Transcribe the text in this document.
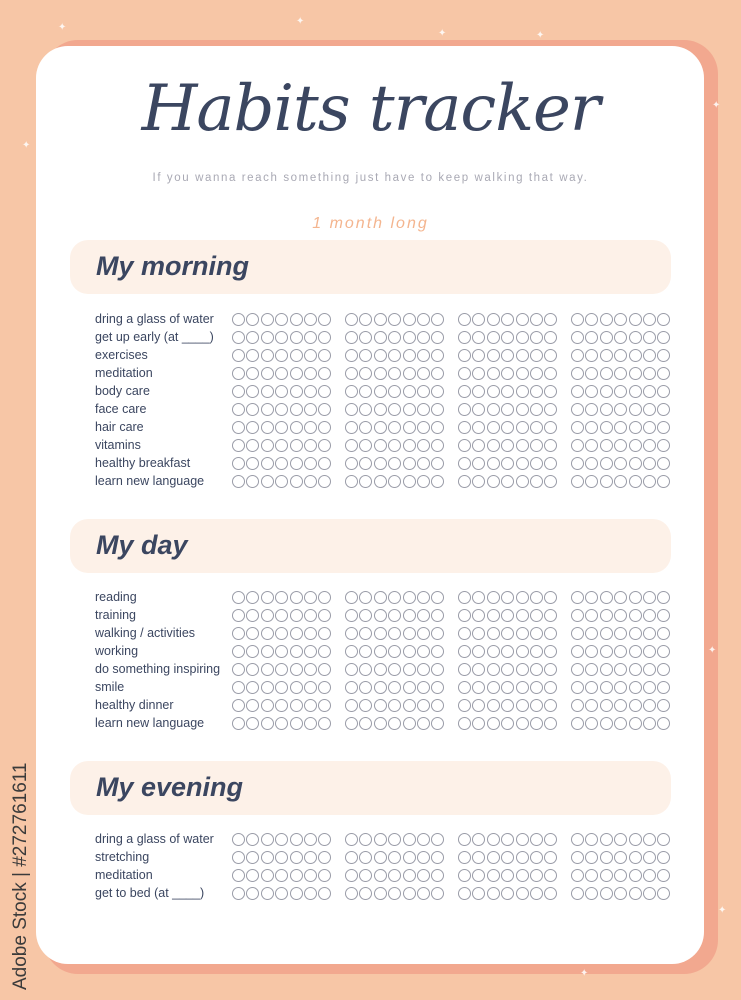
Habits tracker
If you wanna reach something just have to keep walking that way.
1 month long
My morning
dring a glass of water
get up early (at ____)
exercises
meditation
body care
face care
hair care
vitamins
healthy breakfast
learn new language
My day
reading
training
walking / activities
working
do something inspiring
smile
healthy dinner
learn new language
My evening
dring a glass of water
stretching
meditation
get to bed (at ____)
Adobe Stock | #272761611
✦
✦
✦	✦
✦
✦
✦
✦
✦
